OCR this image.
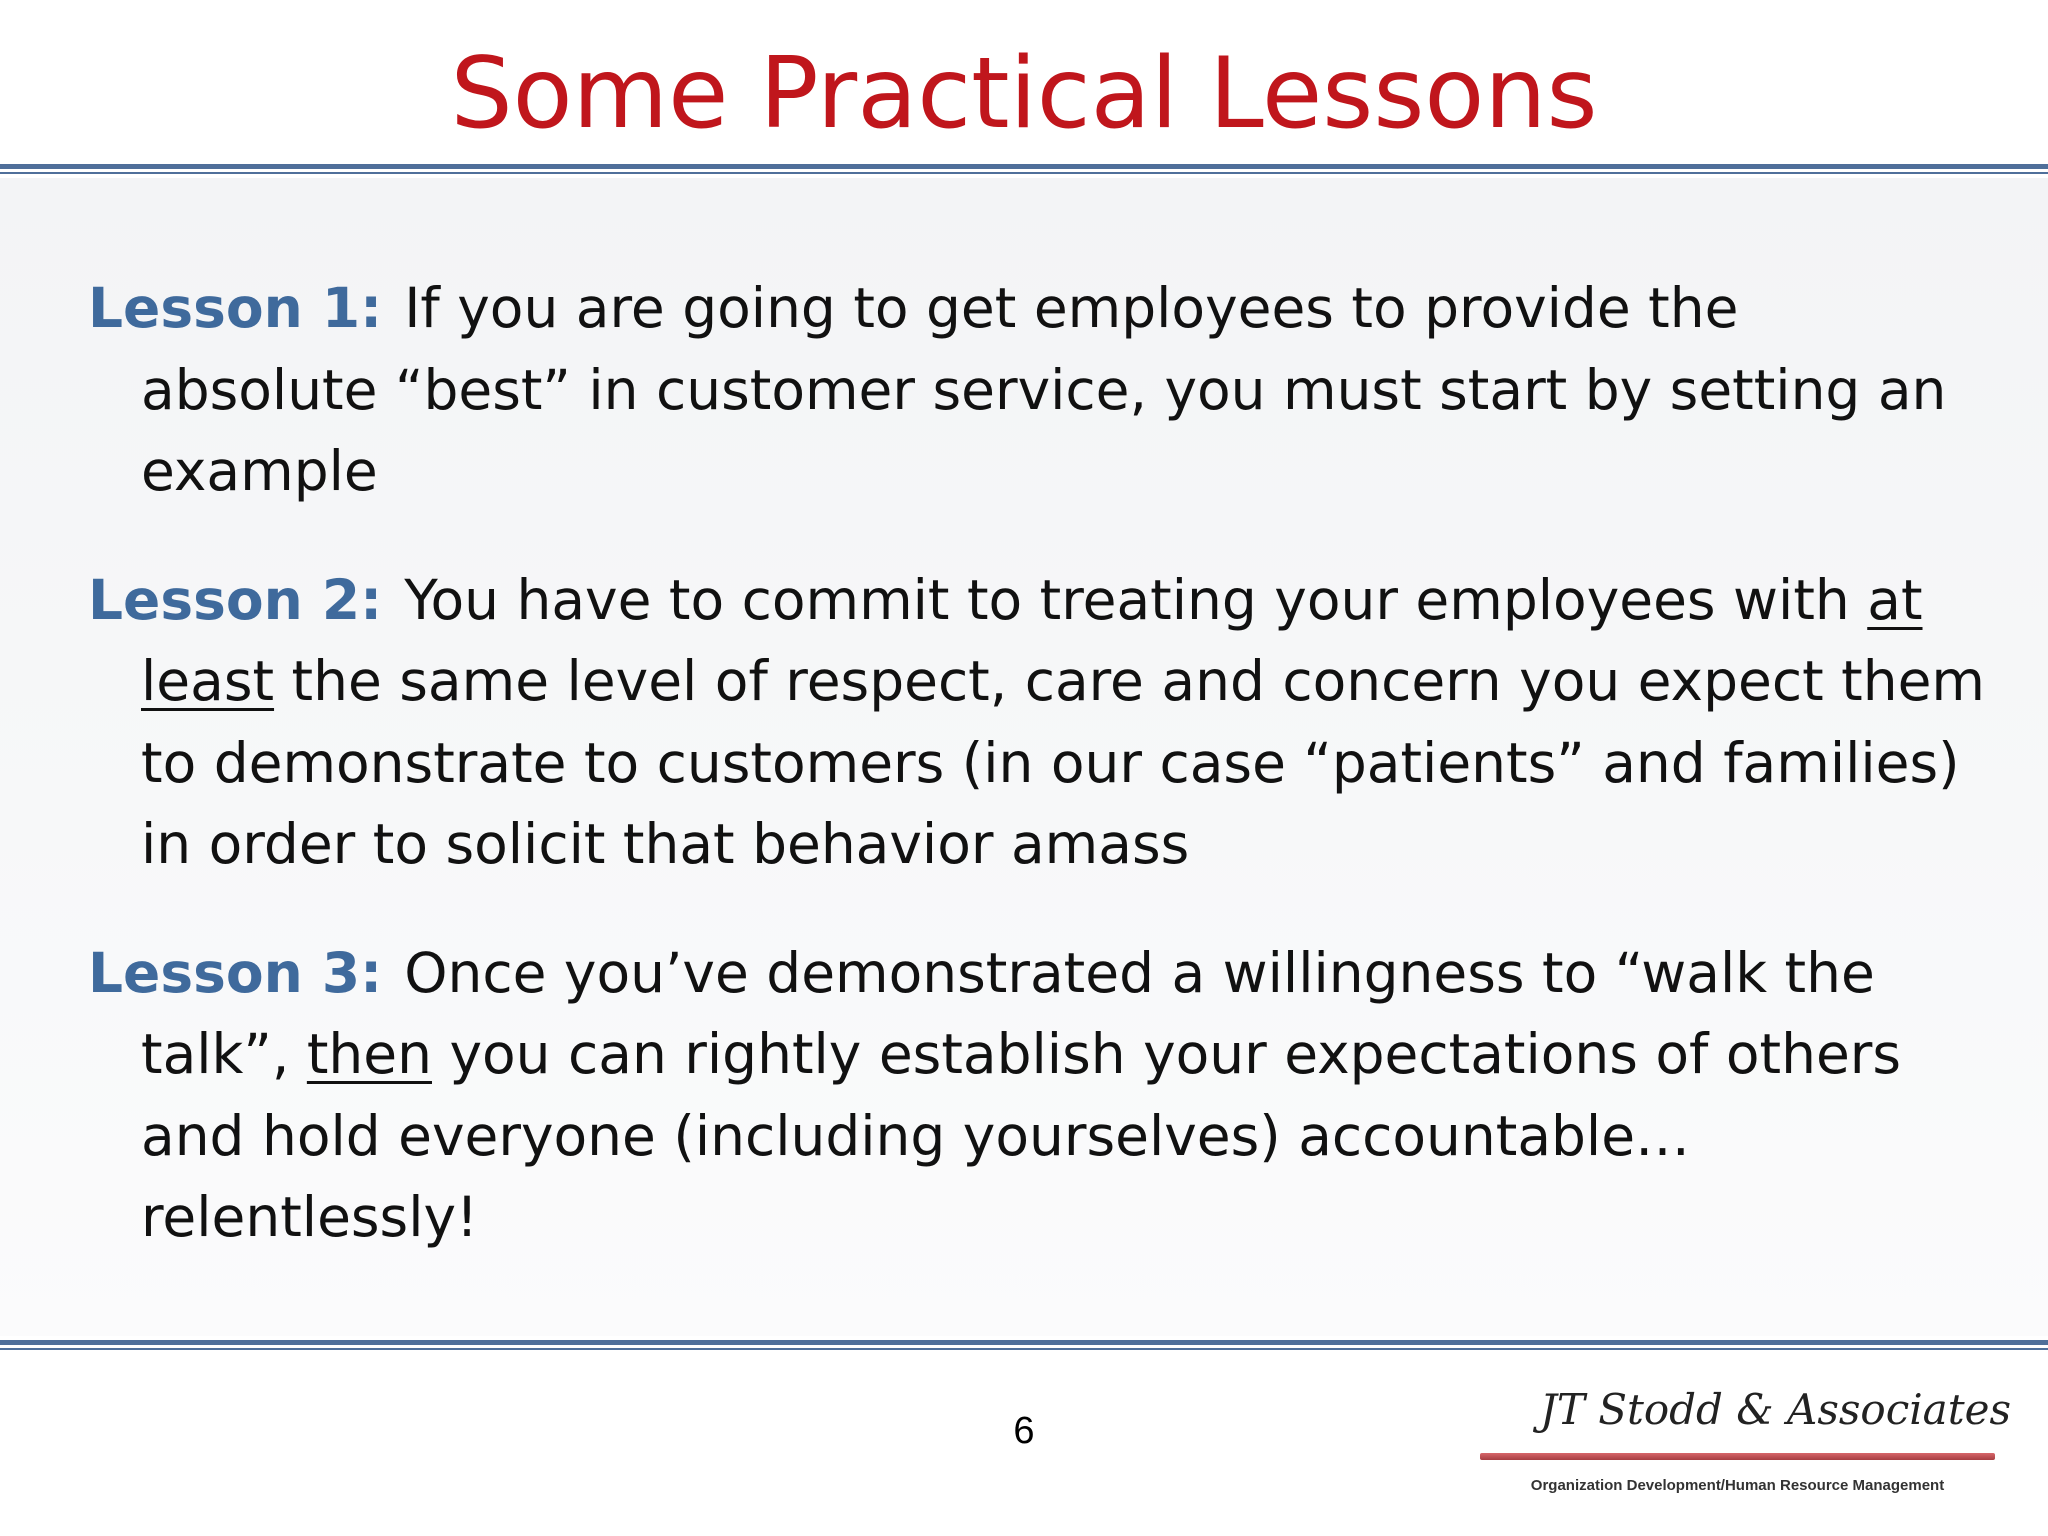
Some Practical Lessons

Lesson 1: If you are going to get employees to provide the absolute “best” in customer service, you must start by setting an example

Lesson 2: You have to commit to treating your employees with at least the same level of respect, care and concern you expect them to demonstrate to customers (in our case “patients” and families) in order to solicit that behavior amass

Lesson 3: Once you’ve demonstrated a willingness to “walk the talk”, then you can rightly establish your expectations of others and hold everyone (including yourselves) accountable… relentlessly!

6	JT Stodd & Associates
Organization Development/Human Resource Management
